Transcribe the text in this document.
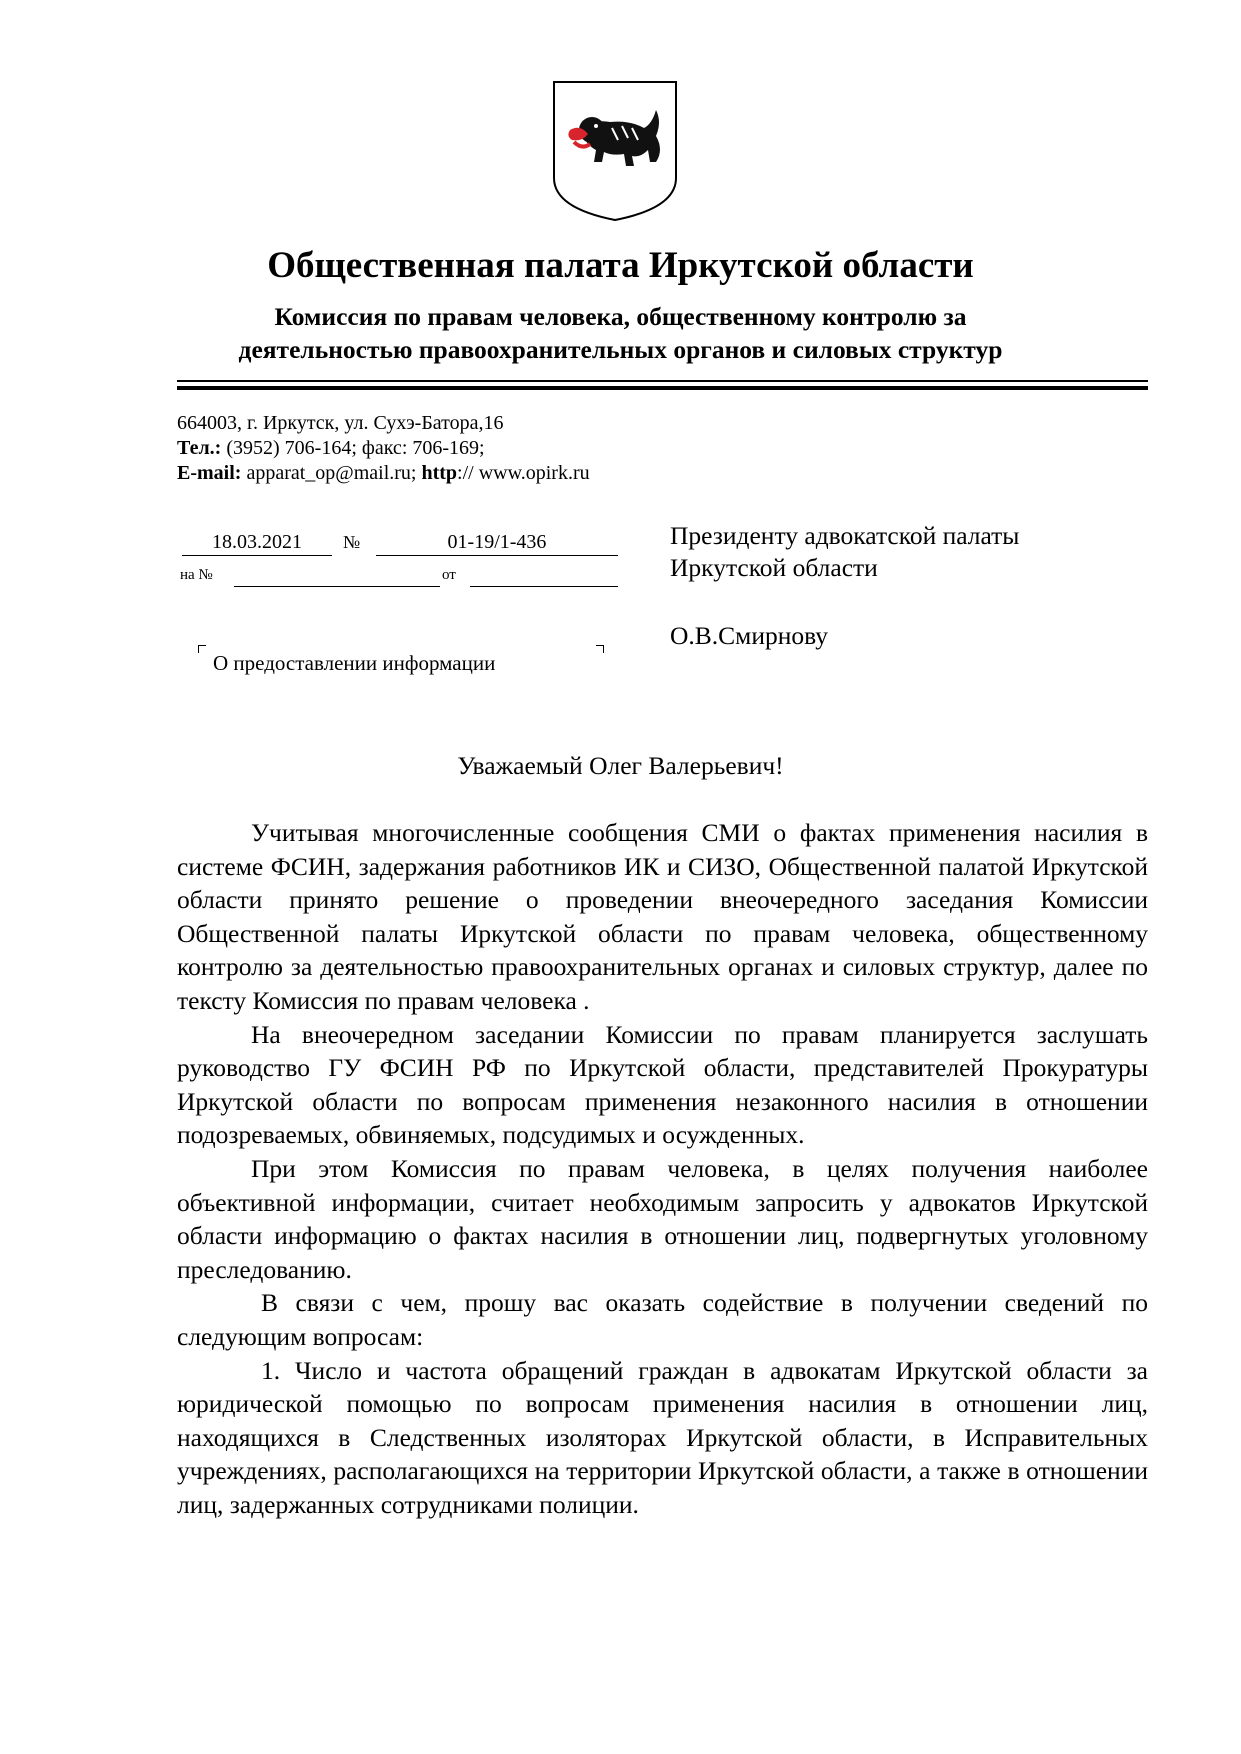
Общественная палата Иркутской области
Комиссия по правам человека, общественному контролю за
деятельностью правоохранительных органов и силовых структур
664003, г. Иркутск, ул. Сухэ-Батора,16
Тел.: (3952) 706-164; факс: 706-169;
E-mail: apparat_op@mail.ru; http:// www.opirk.ru
18.03.2021	№	01-19/1-436
на №	от
О предоставлении информации
Президенту адвокатской палаты
Иркутской области
О.В.Смирнову
Уважаемый Олег Валерьевич!

Учитывая многочисленные сообщения СМИ о фактах применения насилия в системе ФСИН, задержания работников ИК и СИЗО, Общественной палатой Иркутской области принято решение о проведении внеочередного заседания Комиссии Общественной палаты Иркутской области по правам человека, общественному контролю за деятельностью правоохранительных органах и силовых структур, далее по тексту Комиссия по правам человека .

На внеочередном заседании Комиссии по правам планируется заслушать руководство ГУ ФСИН РФ по Иркутской области, представителей Прокуратуры Иркутской области по вопросам применения незаконного насилия в отношении подозреваемых, обвиняемых, подсудимых и осужденных.

При этом Комиссия по правам человека, в целях получения наиболее объективной информации, считает необходимым запросить у адвокатов Иркутской области информацию о фактах насилия в отношении лиц, подвергнутых уголовному преследованию.

В связи с чем, прошу вас оказать содействие в получении сведений по следующим вопросам:

1. Число и частота обращений граждан в адвокатам Иркутской области за юридической помощью по вопросам применения насилия в отношении лиц, находящихся в Следственных изоляторах Иркутской области, в Исправительных учреждениях, располагающихся на территории Иркутской области, а также в отношении лиц, задержанных сотрудниками полиции.
